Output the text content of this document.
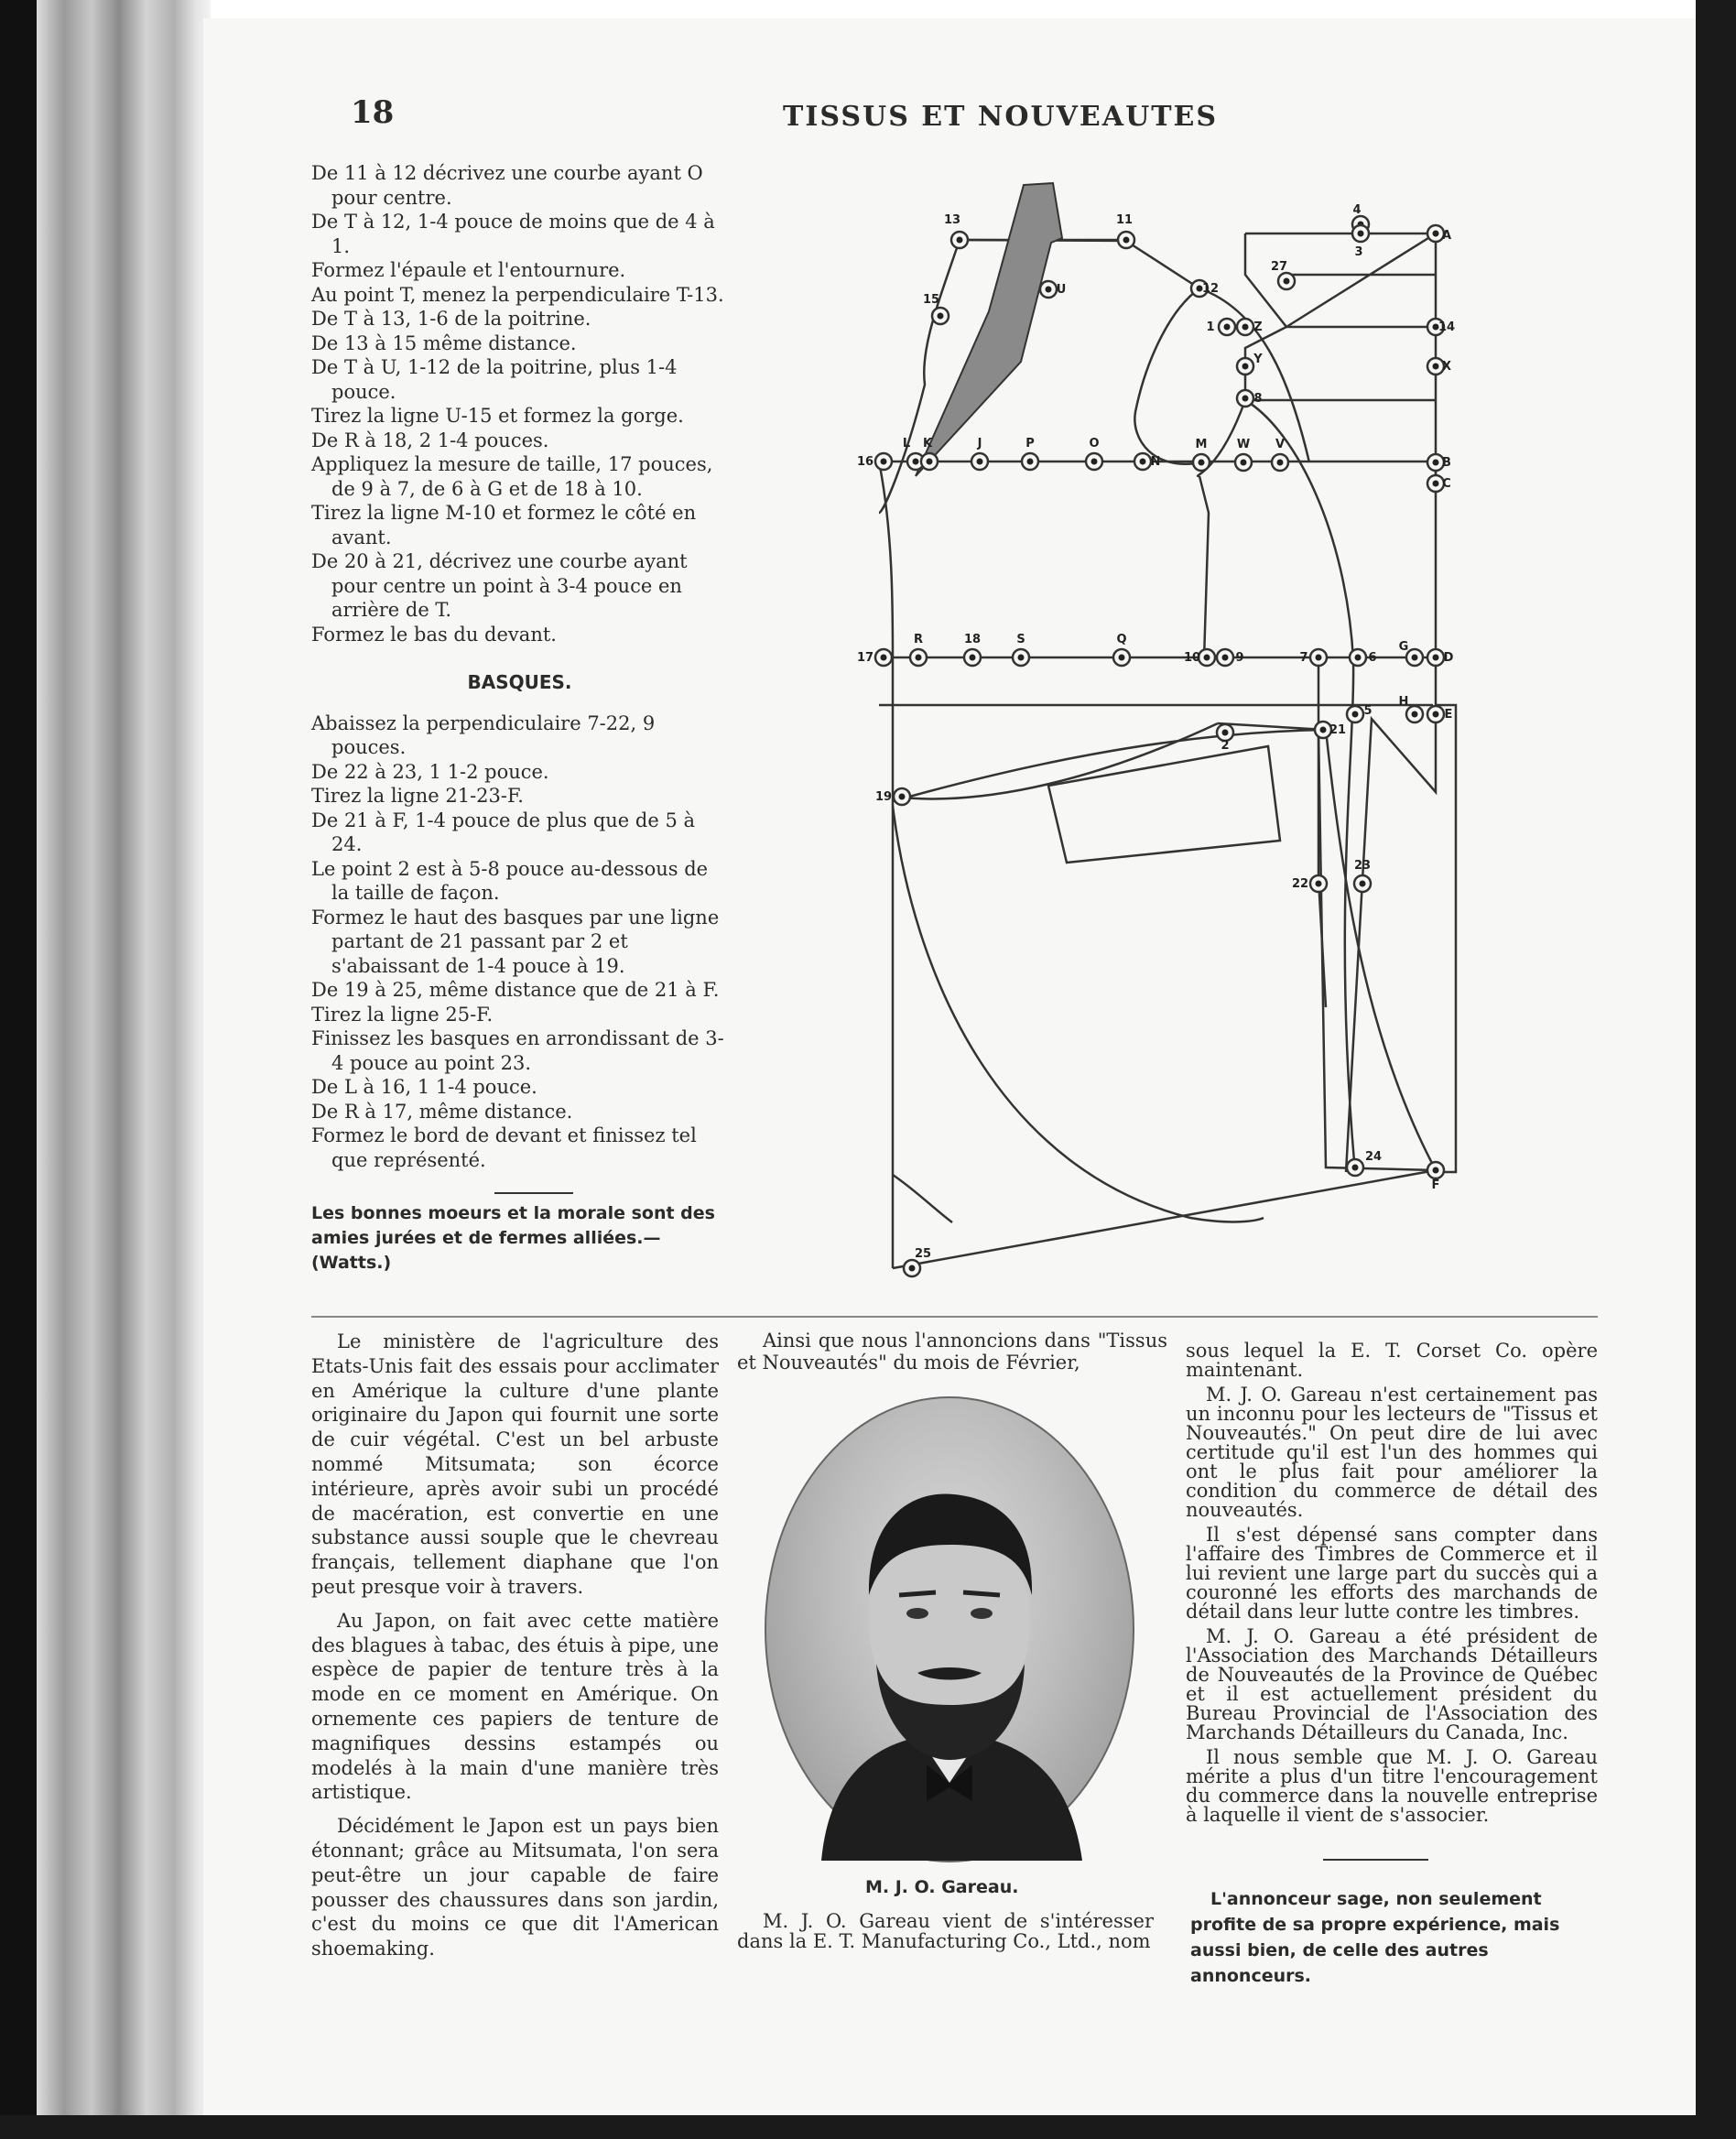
18	TISSUS ET NOUVEAUTES

De 11 à 12 décrivez une courbe ayant O pour centre.

De T à 12, 1-4 pouce de moins que de 4 à 1.

Formez l'épaule et l'entournure.

Au point T, menez la perpendiculaire T-13.

De T à 13, 1-6 de la poitrine.

De 13 à 15 même distance.

De T à U, 1-12 de la poitrine, plus 1-4 pouce.

Tirez la ligne U-15 et formez la gorge.

De R à 18, 2 1-4 pouces.

Appliquez la mesure de taille, 17 pouces, de 9 à 7, de 6 à G et de 18 à 10.

Tirez la ligne M-10 et formez le côté en avant.

De 20 à 21, décrivez une courbe ayant pour centre un point à 3-4 pouce en arrière de T.

Formez le bas du devant.

BASQUES.

Abaissez la perpendiculaire 7-22, 9 pouces.

De 22 à 23, 1 1-2 pouce.

Tirez la ligne 21-23-F.

De 21 à F, 1-4 pouce de plus que de 5 à 24.

Le point 2 est à 5-8 pouce au-dessous de la taille de façon.

Formez le haut des basques par une ligne partant de 21 passant par 2 et s'abaissant de 1-4 pouce à 19.

De 19 à 25, même distance que de 21 à F.

Tirez la ligne 25-F.

Finissez les basques en arrondissant de 3-4 pouce au point 23.

De L à 16, 1 1-4 pouce.

De R à 17, même distance.

Formez le bord de devant et finissez tel que représenté.

Les bonnes moeurs et la morale sont des amies jurées et de fermes alliées.—(Watts.)
13	11
U	12
15
4
3
A
27
1	Z	14
Y
X
8
16
L K	J	P	O
N
M W V
B
C
17
R	18	S	Q
10	9	7	6
G
D
5
H
E
2
21
19
22
23
24
F
25

Le ministère de l'agriculture des Etats-Unis fait des essais pour acclimater en Amérique la culture d'une plante originaire du Japon qui fournit une sorte de cuir végétal. C'est un bel arbuste nommé Mitsumata; son écorce intérieure, après avoir subi un procédé de macération, est convertie en une substance aussi souple que le chevreau français, tellement diaphane que l'on peut presque voir à travers.

Au Japon, on fait avec cette matière des blagues à tabac, des étuis à pipe, une espèce de papier de tenture très à la mode en ce moment en Amérique. On ornemente ces papiers de tenture de magnifiques dessins estampés ou modelés à la main d'une manière très artistique.

Décidément le Japon est un pays bien étonnant; grâce au Mitsumata, l'on sera peut-être un jour capable de faire pousser des chaussures dans son jardin, c'est du moins ce que dit l'American shoemaking.

Ainsi que nous l'annoncions dans "Tissus et Nouveautés" du mois de Février,

M. J. O. Gareau.

M. J. O. Gareau vient de s'intéresser dans la E. T. Manufacturing Co., Ltd., nom

sous lequel la E. T. Corset Co. opère maintenant.

M. J. O. Gareau n'est certainement pas un inconnu pour les lecteurs de "Tissus et Nouveautés." On peut dire de lui avec certitude qu'il est l'un des hommes qui ont le plus fait pour améliorer la condition du commerce de détail des nouveautés.

Il s'est dépensé sans compter dans l'affaire des Timbres de Commerce et il lui revient une large part du succès qui a couronné les efforts des marchands de détail dans leur lutte contre les timbres.

M. J. O. Gareau a été président de l'Association des Marchands Détailleurs de Nouveautés de la Province de Québec et il est actuellement président du Bureau Provincial de l'Association des Marchands Détailleurs du Canada, Inc.

Il nous semble que M. J. O. Gareau mérite a plus d'un titre l'encouragement du commerce dans la nouvelle entreprise à laquelle il vient de s'associer.

L'annonceur sage, non seulement profite de sa propre expérience, mais aussi bien, de celle des autres annonceurs.
